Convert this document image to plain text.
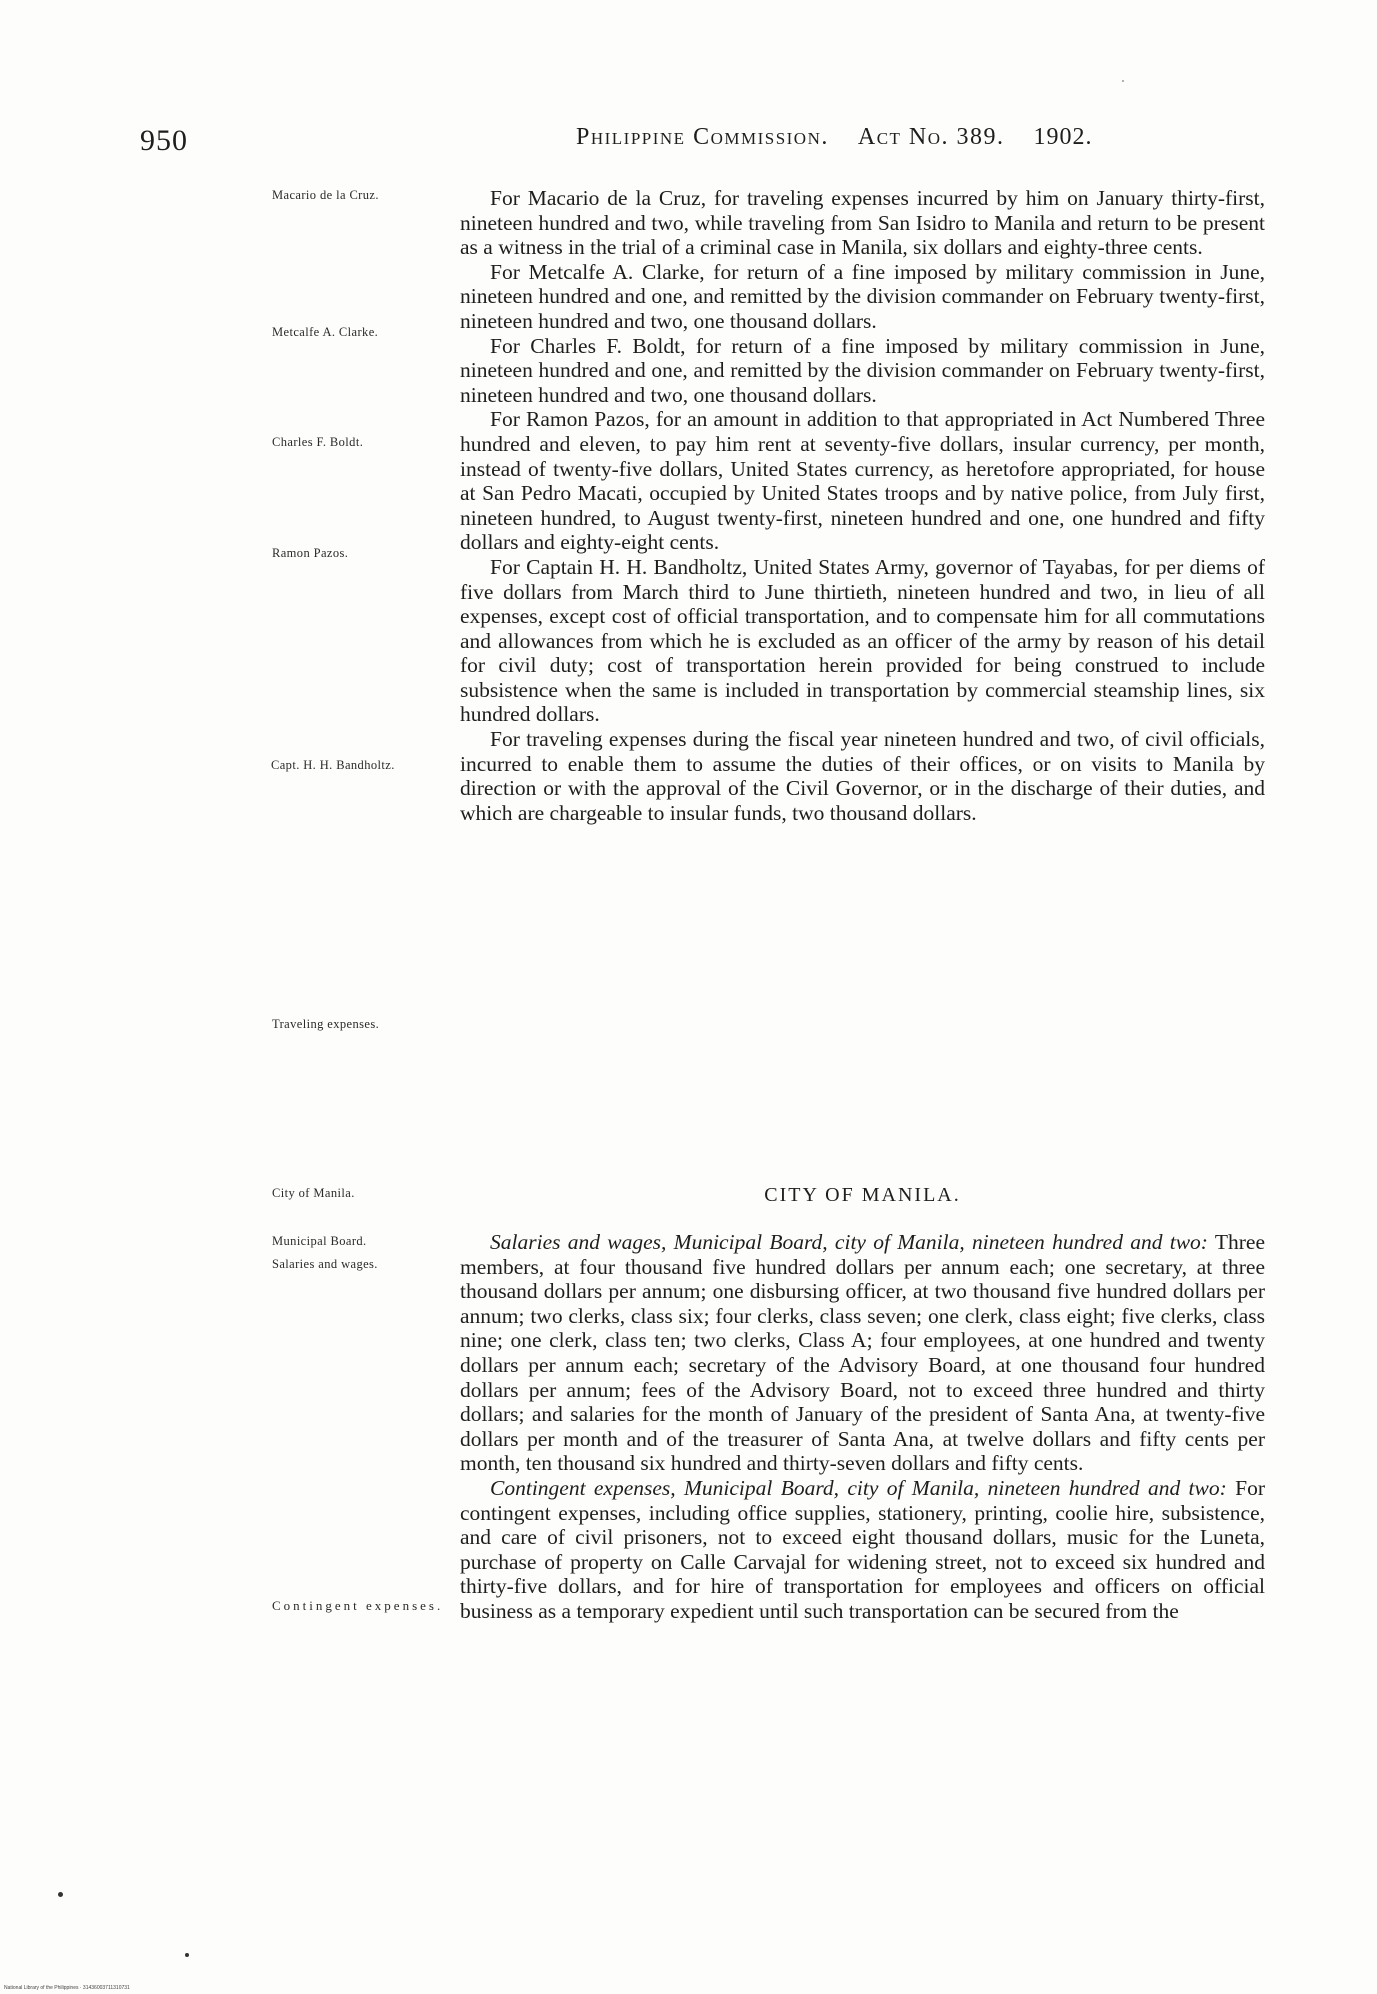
950	Philippine Commission. Act No. 389. 1902.
Macario de la Cruz.
Metcalfe A. Clarke.
Charles F. Boldt.
Ramon Pazos.
Capt. H. H. Bandholtz.
Traveling expenses.
City of Manila.
Municipal Board.
Salaries and wages.
Contingent expenses.

For Macario de la Cruz, for traveling expenses incurred by him on January thirty-first, nineteen hundred and two, while traveling from San Isidro to Manila and return to be present as a witness in the trial of a criminal case in Manila, six dollars and eighty-three cents.

For Metcalfe A. Clarke, for return of a fine imposed by military commission in June, nineteen hundred and one, and remitted by the division commander on February twenty-first, nineteen hundred and two, one thousand dollars.

For Charles F. Boldt, for return of a fine imposed by military commission in June, nineteen hundred and one, and remitted by the division commander on February twenty-first, nineteen hundred and two, one thousand dollars.

For Ramon Pazos, for an amount in addition to that appropriated in Act Numbered Three hundred and eleven, to pay him rent at seventy-five dollars, insular currency, per month, instead of twenty-five dollars, United States currency, as heretofore appropriated, for house at San Pedro Macati, occupied by United States troops and by native police, from July first, nineteen hundred, to August twenty-first, nineteen hundred and one, one hundred and fifty dollars and eighty-eight cents.

For Captain H. H. Bandholtz, United States Army, governor of Tayabas, for per diems of five dollars from March third to June thirtieth, nineteen hundred and two, in lieu of all expenses, except cost of official transportation, and to compensate him for all commutations and allowances from which he is excluded as an officer of the army by reason of his detail for civil duty; cost of transportation herein provided for being construed to include subsistence when the same is included in transportation by commercial steamship lines, six hundred dollars.

For traveling expenses during the fiscal year nineteen hundred and two, of civil officials, incurred to enable them to assume the duties of their offices, or on visits to Manila by direction or with the approval of the Civil Governor, or in the discharge of their duties, and which are chargeable to insular funds, two thousand dollars.

CITY OF MANILA.

Salaries and wages, Municipal Board, city of Manila, nineteen hundred and two: Three members, at four thousand five hundred dollars per annum each; one secretary, at three thousand dollars per annum; one disbursing officer, at two thousand five hundred dollars per annum; two clerks, class six; four clerks, class seven; one clerk, class eight; five clerks, class nine; one clerk, class ten; two clerks, Class A; four employees, at one hundred and twenty dollars per annum each; secretary of the Advisory Board, at one thousand four hundred dollars per annum; fees of the Advisory Board, not to exceed three hundred and thirty dollars; and salaries for the month of January of the president of Santa Ana, at twenty-five dollars per month and of the treasurer of Santa Ana, at twelve dollars and fifty cents per month, ten thousand six hundred and thirty-seven dollars and fifty cents.

Contingent expenses, Municipal Board, city of Manila, nineteen hundred and two: For contingent expenses, including office supplies, stationery, printing, coolie hire, subsistence, and care of civil prisoners, not to exceed eight thousand dollars, music for the Luneta, purchase of property on Calle Carvajal for widening street, not to exceed six hundred and thirty-five dollars, and for hire of transportation for employees and officers on official business as a temporary expedient until such transportation can be secured from the

National Library of the Philippines · 31436003711310731
